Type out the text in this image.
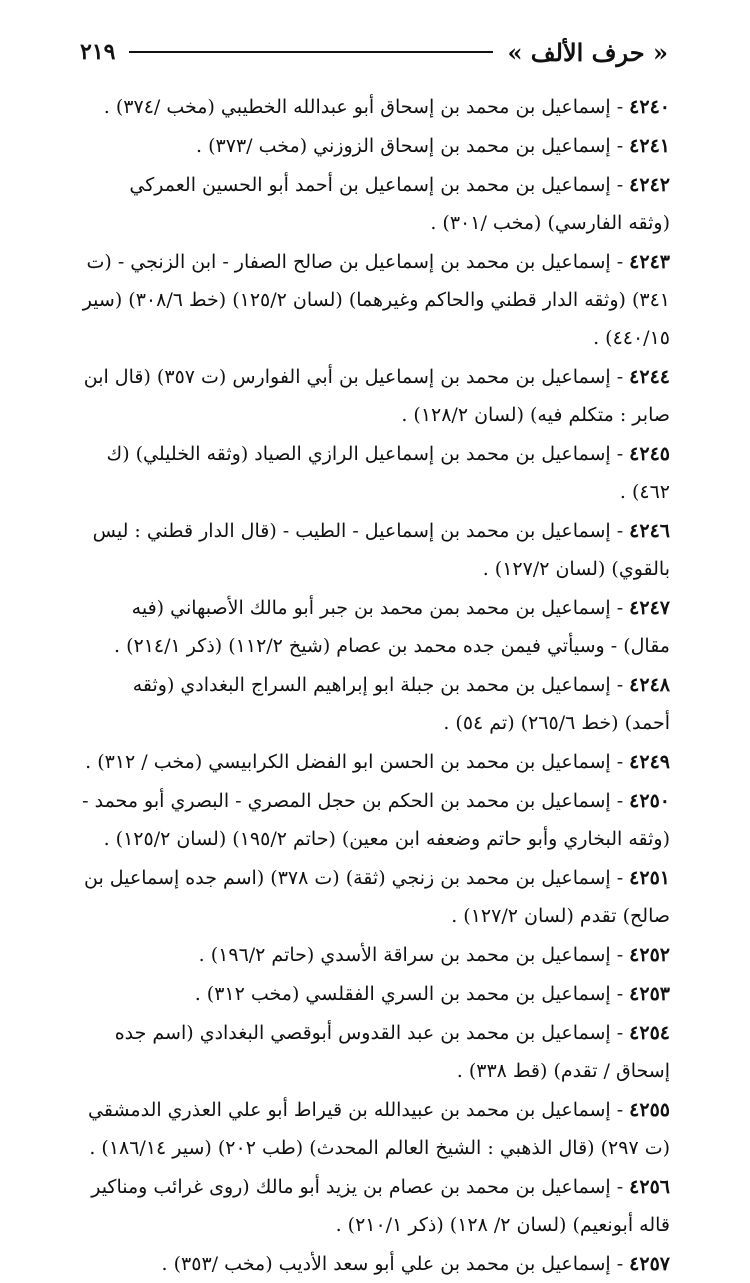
« حرف الألف »
٢١٩

٤٢٤٠- إسماعيل بن محمد بن إسحاق أبو عبدالله الخطيبي (مخب /٣٧٤) .

٤٢٤١- إسماعيل بن محمد بن إسحاق الزوزني (مخب /٣٧٣) .

٤٢٤٢- إسماعيل بن محمد بن إسماعيل بن أحمد أبو الحسين العمركي (وثقه الفارسي) (مخب /٣٠١) .

٤٢٤٣- إسماعيل بن محمد بن إسماعيل بن صالح الصفار - ابن الزنجي - (ت ٣٤١) (وثقه الدار قطني والحاكم وغيرهما) (لسان ١٢٥/٢) (خط ٣٠٨/٦) (سير ٤٤٠/١٥) .

٤٢٤٤- إسماعيل بن محمد بن إسماعيل بن أبي الفوارس (ت ٣٥٧) (قال ابن صابر : متكلم فيه) (لسان ١٢٨/٢) .

٤٢٤٥- إسماعيل بن محمد بن إسماعيل الرازي الصياد (وثقه الخليلي) (ك ٤٦٢) .

٤٢٤٦- إسماعيل بن محمد بن إسماعيل - الطيب - (قال الدار قطني : ليس بالقوي) (لسان ١٢٧/٢) .

٤٢٤٧- إسماعيل بن محمد بمن محمد بن جبر أبو مالك الأصبهاني (فيه مقال) - وسيأتي فيمن جده محمد بن عصام (شيخ ١١٢/٢) (ذكر ٢١٤/١) .

٤٢٤٨- إسماعيل بن محمد بن جبلة ابو إبراهيم السراج البغدادي (وثقه أحمد) (خط ٢٦٥/٦) (تم ٥٤) .

٤٢٤٩- إسماعيل بن محمد بن الحسن ابو الفضل الكرابيسي (مخب / ٣١٢) .

٤٢٥٠- إسماعيل بن محمد بن الحكم بن حجل المصري - البصري أبو محمد - (وثقه البخاري وأبو حاتم وضعفه ابن معين) (حاتم ١٩٥/٢) (لسان ١٢٥/٢) .

٤٢٥١- إسماعيل بن محمد بن زنجي (ثقة) (ت ٣٧٨) (اسم جده إسماعيل بن صالح) تقدم (لسان ١٢٧/٢) .

٤٢٥٢- إسماعيل بن محمد بن سراقة الأسدي (حاتم ١٩٦/٢) .

٤٢٥٣- إسماعيل بن محمد بن السري الفقلسي (مخب ٣١٢) .

٤٢٥٤- إسماعيل بن محمد بن عبد القدوس أبوقصي البغدادي (اسم جده إسحاق / تقدم) (قط ٣٣٨) .

٤٢٥٥- إسماعيل بن محمد بن عبيدالله بن قيراط أبو علي العذري الدمشقي (ت ٢٩٧) (قال الذهبي : الشيخ العالم المحدث) (طب ٢٠٢) (سير ١٨٦/١٤) .

٤٢٥٦- إسماعيل بن محمد بن عصام بن يزيد أبو مالك (روى غرائب ومناكير قاله أبونعيم) (لسان ٢/ ١٢٨) (ذكر ٢١٠/١) .

٤٢٥٧- إسماعيل بن محمد بن علي أبو سعد الأديب (مخب /٣٥٣) .
